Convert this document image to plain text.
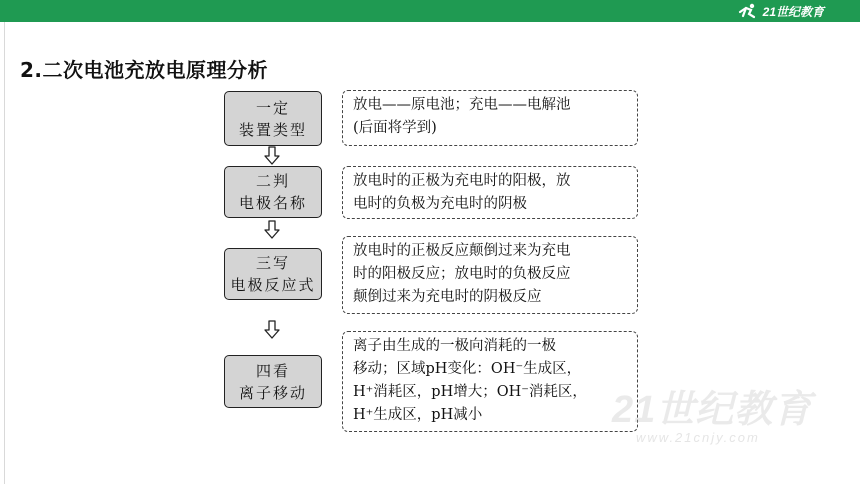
21世纪教育
2.二次电池充放电原理分析
一定
装置类型
放电——原电池；充电——电解池
(后面将学到)
二判
电极名称
放电时的正极为充电时的阳极，放
电时的负极为充电时的阴极
三写
电极反应式
放电时的正极反应颠倒过来为充电
时的阳极反应；放电时的负极反应
颠倒过来为充电时的阴极反应
四看
离子移动
离子由生成的一极向消耗的一极
移动；区域pH变化：OH⁻生成区，
H⁺消耗区，pH增大；OH⁻消耗区，
H⁺生成区，pH减小	21世纪教育
www.21cnjy.com
